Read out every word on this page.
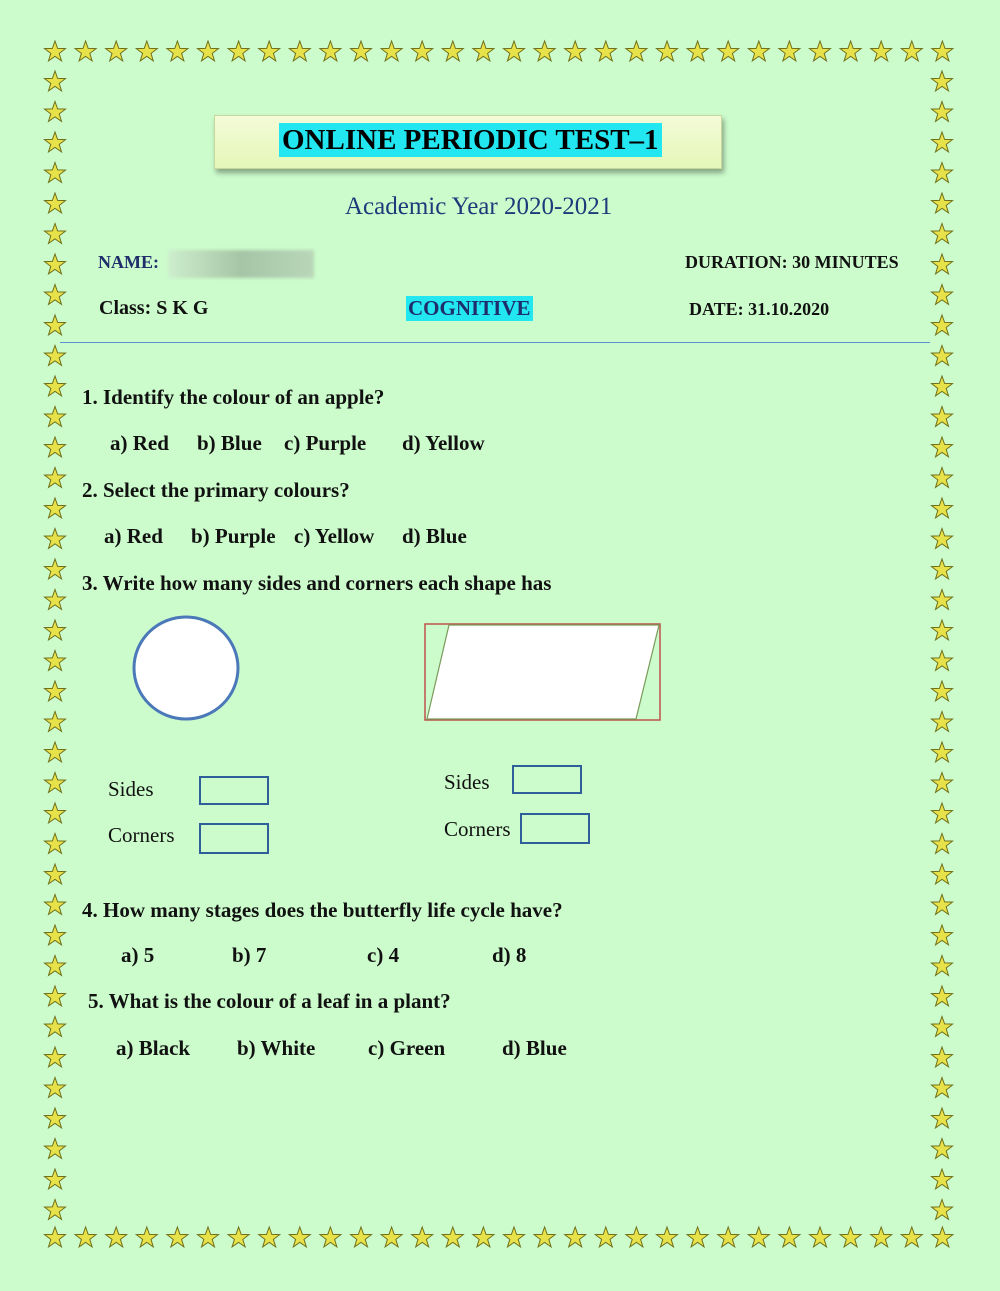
ONLINE PERIODIC TEST–1
Academic Year 2020-2021
NAME:	DURATION: 30 MINUTES
Class: S K G	COGNITIVE	DATE: 31.10.2020
1. Identify the colour of an apple?
a) Red b) Blue c) Purple d) Yellow
2. Select the primary colours?
a) Red b) Purple c) Yellow d) Blue
3. Write how many sides and corners each shape has
Sides
Corners
Sides
Corners
4. How many stages does the butterfly life cycle have?
a) 5	b) 7	c) 4	d) 8
5. What is the colour of a leaf in a plant?
a) Black b) White	c) Green	d) Blue
